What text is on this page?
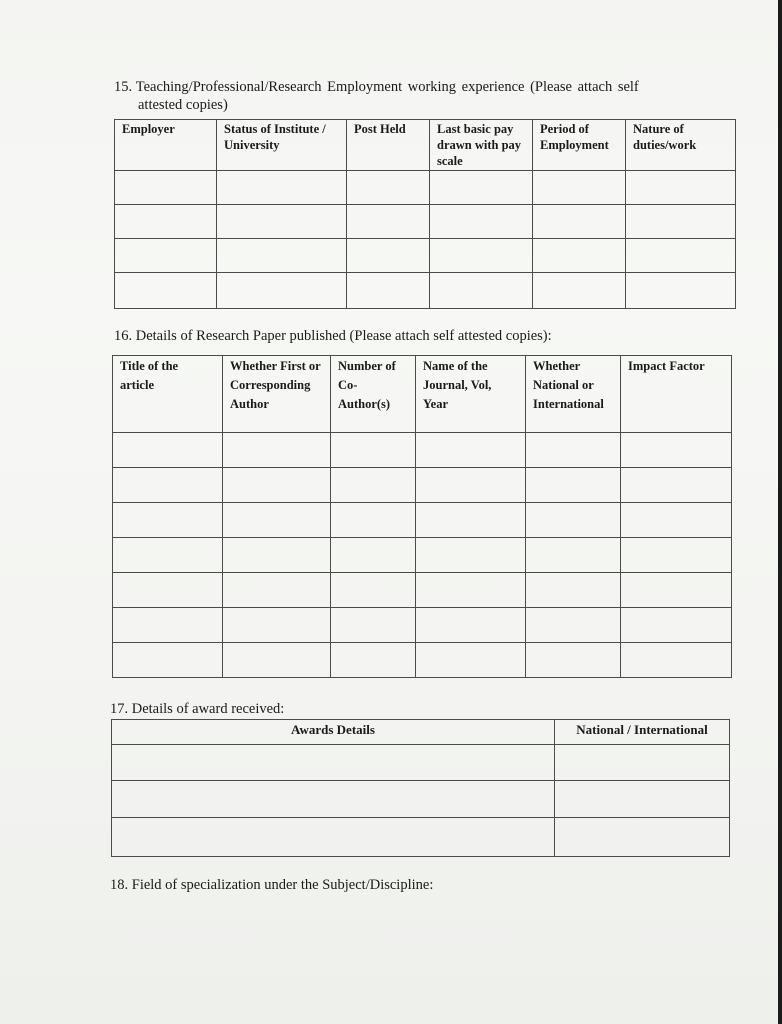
15. Teaching/Professional/Research Employment working experience (Please attach self

attested copies)

Employer	Status of Institute / University	Post Held	Last basic pay drawn with pay scale	Period of Employment	Nature of duties/work

16. Details of Research Paper published (Please attach self attested copies):

Title of the article	Whether First or Corresponding Author	Number of Co-Author(s)	Name of the Journal, Vol, Year	Whether National or International	Impact Factor

17. Details of award received:

Awards Details	National / International

18. Field of specialization under the Subject/Discipline:
